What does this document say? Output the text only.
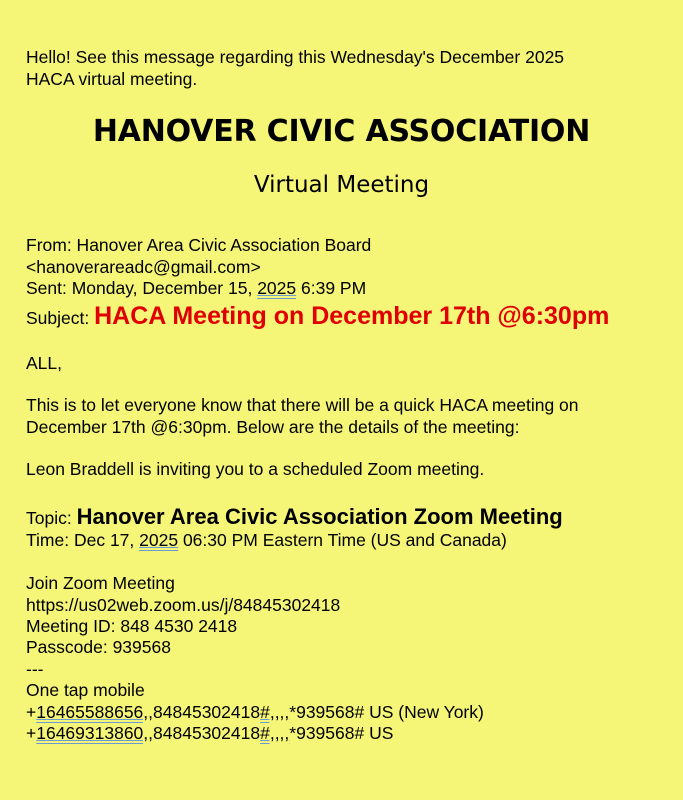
Hello! See this message regarding this Wednesday's December 2025
HACA virtual meeting.
HANOVER CIVIC ASSOCIATION
Virtual Meeting
From: Hanover Area Civic Association Board
<hanoverareadc@gmail.com>
Sent: Monday, December 15, 2025 6:39 PM
Subject: HACA Meeting on December 17th @6:30pm
ALL,
This is to let everyone know that there will be a quick HACA meeting on
December 17th @6:30pm. Below are the details of the meeting:
Leon Braddell is inviting you to a scheduled Zoom meeting.
Topic: Hanover Area Civic Association Zoom Meeting
Time: Dec 17, 2025 06:30 PM Eastern Time (US and Canada)
Join Zoom Meeting
https://us02web.zoom.us/j/84845302418
Meeting ID: 848 4530 2418
Passcode: 939568
---
One tap mobile
+16465588656,,84845302418#,,,,*939568# US (New York)
+16469313860,,84845302418#,,,,*939568# US
